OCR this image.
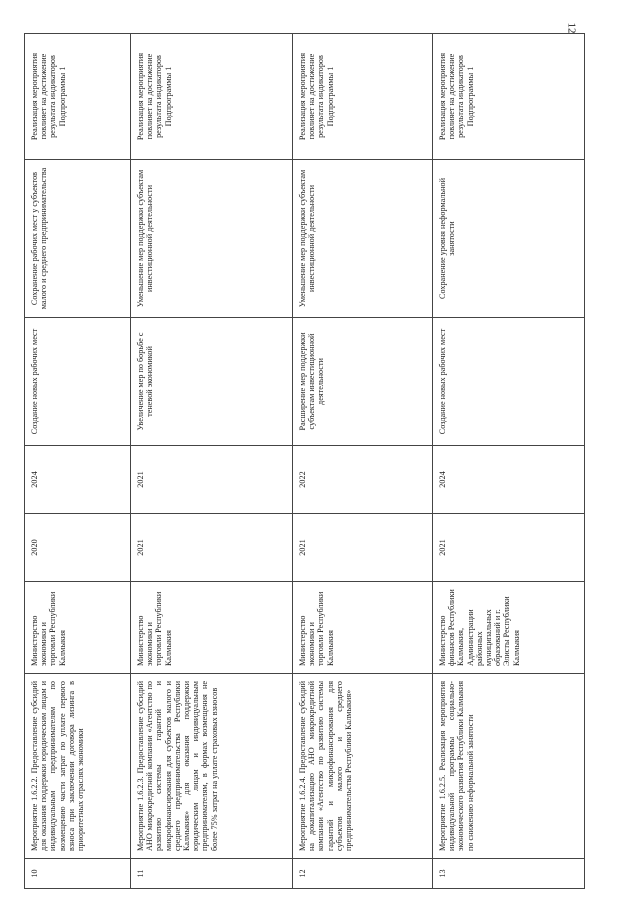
12
10	Мероприятие 1.6.2.2. Предоставление субсидий для оказания поддержки юридическим лицам и индивидуальным предпринимателям по возмещению части затрат по уплате первого взноса при заключении договора лизинга в приоритетных отраслях экономики	Министерство экономики и торговли Республики Калмыкия	2020	2024	Создание новых рабочих мест	Сохранение рабочих мест у субъектов малого и среднего предпринимательства	Реализация мероприятия повлияет на достижение результата индикаторов Подпрограммы 1
11	Мероприятие 1.6.2.3. Предоставление субсидий АНО микрокредитной компании «Агентство по развитию системы гарантий и микрофинансирования для субъектов малого и среднего предпринимательства Республики Калмыкия» для оказания поддержки юридическим лицам и индивидуальным предпринимателям, в формах возмещения не более 75% затрат на уплате страховых взносов	Министерство экономики и торговли Республики Калмыкия	2021	2021	Увеличение мер по борьбе с теневой экономикой	Уменьшение мер поддержки субъектам инвестиционной деятельности	Реализация мероприятия повлияет на достижение результата индикаторов Подпрограммы 1
12	Мероприятие 1.6.2.4. Предоставление субсидий на докапитализацию АНО микрокредитной компании «Агентство по развитию системы гарантий и микрофинансирования для субъектов малого и среднего предпринимательства Республики Калмыкия»	Министерство экономики и торговли Республики Калмыкия	2021	2022	Расширение мер поддержки субъектам инвестиционной деятельности	Уменьшение мер поддержки субъектам инвестиционной деятельности	Реализация мероприятия повлияет на достижение результата индикаторов Подпрограммы 1
13	Мероприятие 1.6.2.5. Реализация мероприятия индивидуальной программы социально-экономического развития Республики Калмыкия по снижению неформальной занятости	Министерство финансов Республики Калмыкия, Администрации районных муниципальных образований и г. Элисты Республики Калмыкия	2021	2024	Создание новых рабочих мест	Сохранение уровня неформальной занятости	Реализация мероприятия повлияет на достижение результата индикаторов Подпрограммы 1
